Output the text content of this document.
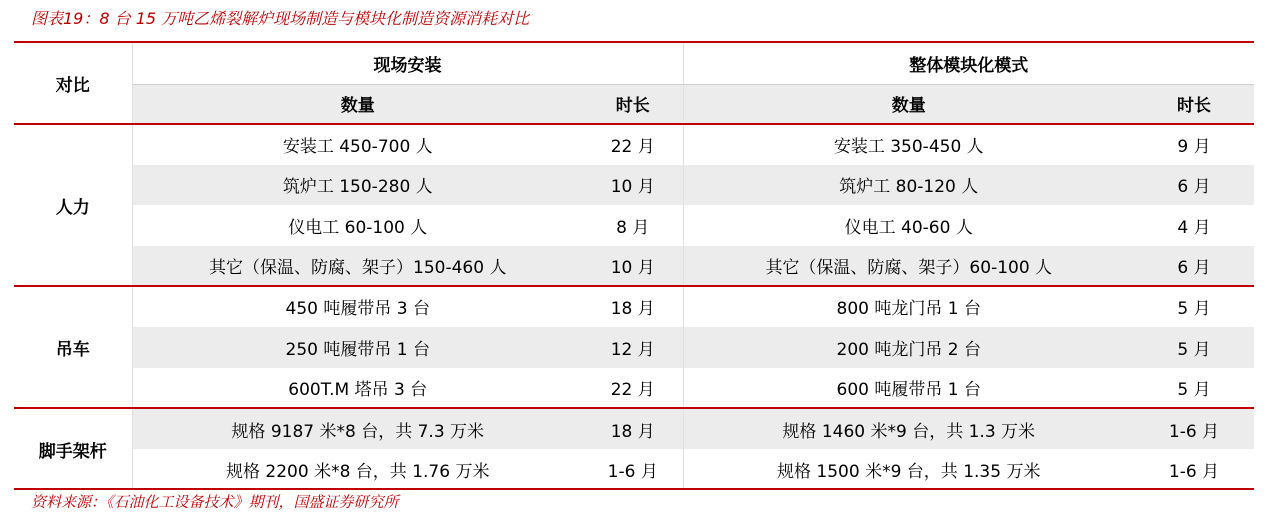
图表19：8 台 15 万吨乙烯裂解炉现场制造与模块化制造资源消耗对比
对比	现场安装		整体模块化模式	
	数量	时长	数量	时长
人力	安装工 450-700 人	22 月	安装工 350-450 人	9 月
	筑炉工 150-280 人	10 月	筑炉工 80-120 人	6 月
	仪电工 60-100 人	8 月	仪电工 40-60 人	4 月
	其它（保温、防腐、架子）150-460 人	10 月	其它（保温、防腐、架子）60-100 人	6 月
吊车	450 吨履带吊 3 台	18 月	800 吨龙门吊 1 台	5 月
	250 吨履带吊 1 台	12 月	200 吨龙门吊 2 台	5 月
	600T.M 塔吊 3 台	22 月	600 吨履带吊 1 台	5 月
脚手架杆	规格 9187 米*8 台，共 7.3 万米	18 月	规格 1460 米*9 台，共 1.3 万米	1-6 月
	规格 2200 米*8 台，共 1.76 万米	1-6 月	规格 1500 米*9 台，共 1.35 万米	1-6 月
资料来源：《石油化工设备技术》期刊，国盛证券研究所
